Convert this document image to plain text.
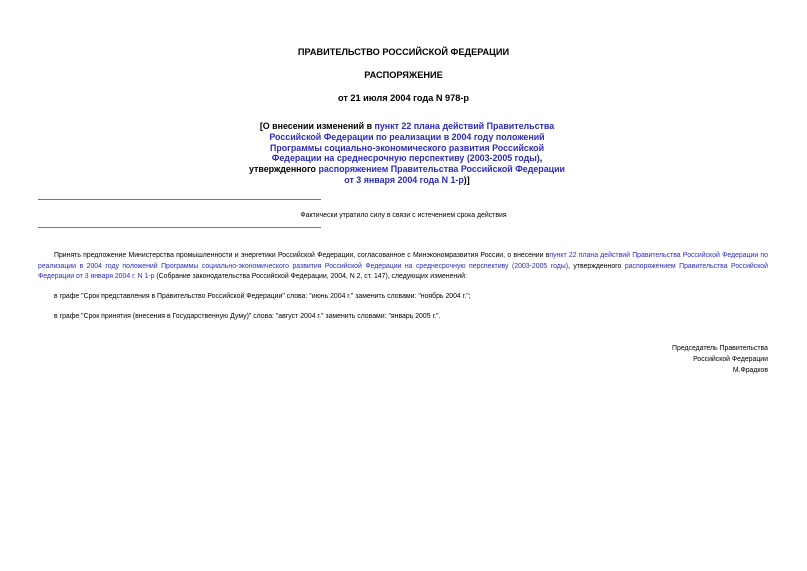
ПРАВИТЕЛЬСТВО РОССИЙСКОЙ ФЕДЕРАЦИИ
РАСПОРЯЖЕНИЕ
от 21 июля 2004 года N 978-р
[О внесении изменений в пункт 22 плана действий Правительства Российской Федерации по реализации в 2004 году положений Программы социально-экономического развития Российской Федерации на среднесрочную перспективу (2003-2005 годы), утвержденного распоряжением Правительства Российской Федерации от 3 января 2004 года N 1-р)]
Фактически утратило силу в связи с истечением срока действия
Принять предложение Министерства промышленности и энергетики Российской Федерации, согласованное с Минэкономразвития России, о внесении впункт 22 плана действий Правительства Российской Федерации по реализации в 2004 году положений Программы социально-экономического развития Российской Федерации на среднесрочную перспективу (2003-2005 годы), утвержденного распоряжением Правительства Российской Федерации от 3 января 2004 г. N 1-р (Собрание законодательства Российской Федерации, 2004, N 2, ст. 147), следующих изменений:
в графе "Срок представления в Правительство Российской Федерации" слова: "июнь 2004 г." заменить словами: "ноябрь 2004 г.";
в графе "Срок принятия (внесения в Государственную Думу)" слова: "август 2004 г." заменить словами: "январь 2005 г.".
Председатель Правительства
Российской Федерации
М.Фрадков
